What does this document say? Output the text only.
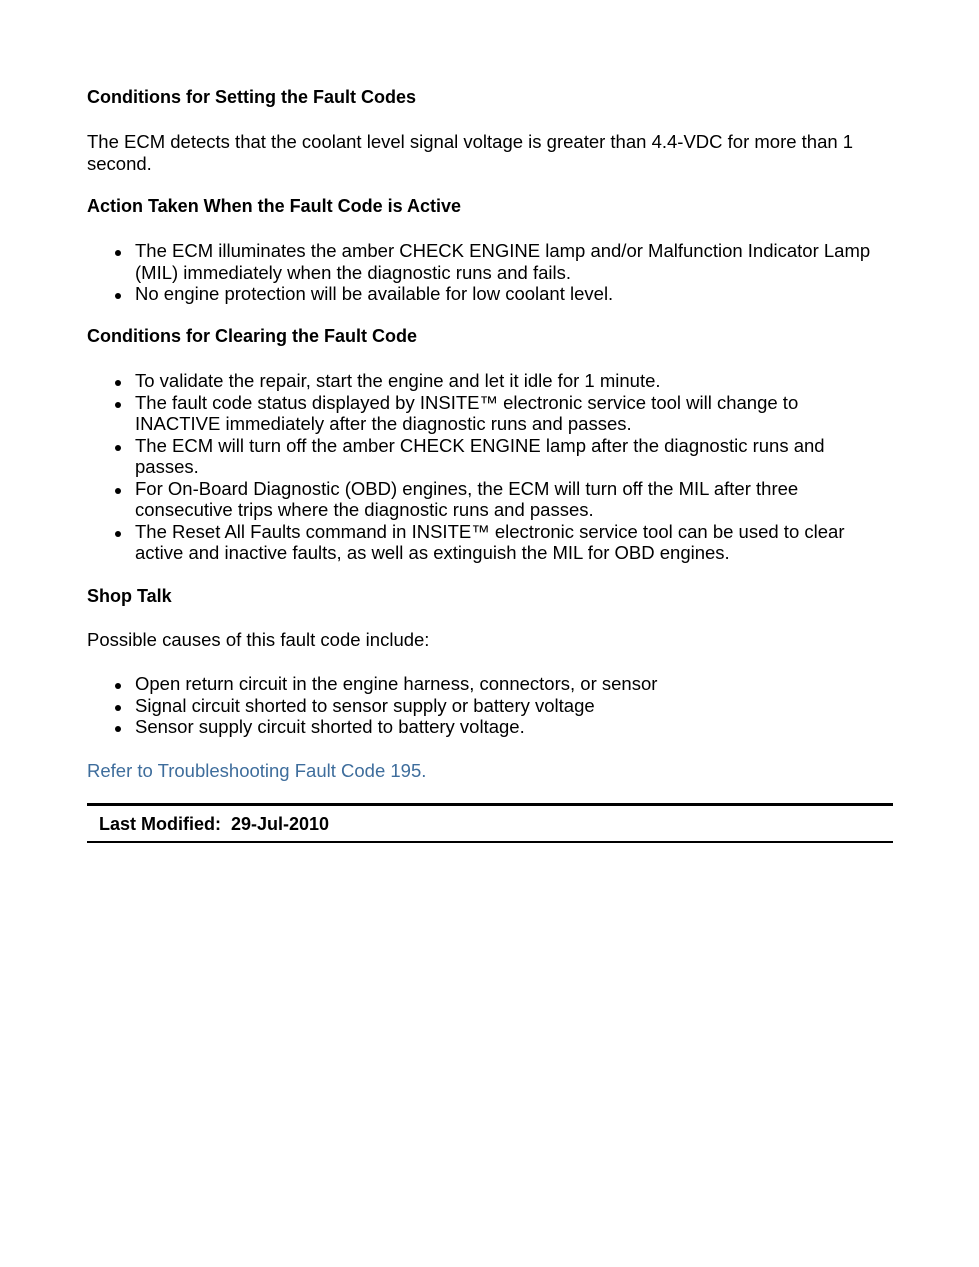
Conditions for Setting the Fault Codes

The ECM detects that the coolant level signal voltage is greater than 4.4-VDC for more than 1 second.

Action Taken When the Fault Code is Active
The ECM illuminates the amber CHECK ENGINE lamp and/or Malfunction Indicator Lamp (MIL) immediately when the diagnostic runs and fails.
No engine protection will be available for low coolant level.
Conditions for Clearing the Fault Code
To validate the repair, start the engine and let it idle for 1 minute.
The fault code status displayed by INSITE™ electronic service tool will change to INACTIVE immediately after the diagnostic runs and passes.
The ECM will turn off the amber CHECK ENGINE lamp after the diagnostic runs and passes.
For On-Board Diagnostic (OBD) engines, the ECM will turn off the MIL after three consecutive trips where the diagnostic runs and passes.
The Reset All Faults command in INSITE™ electronic service tool can be used to clear active and inactive faults, as well as extinguish the MIL for OBD engines.
Shop Talk

Possible causes of this fault code include:

Open return circuit in the engine harness, connectors, or sensor
Signal circuit shorted to sensor supply or battery voltage
Sensor supply circuit shorted to battery voltage.
Refer to Troubleshooting Fault Code 195.
Last Modified:  29-Jul-2010
